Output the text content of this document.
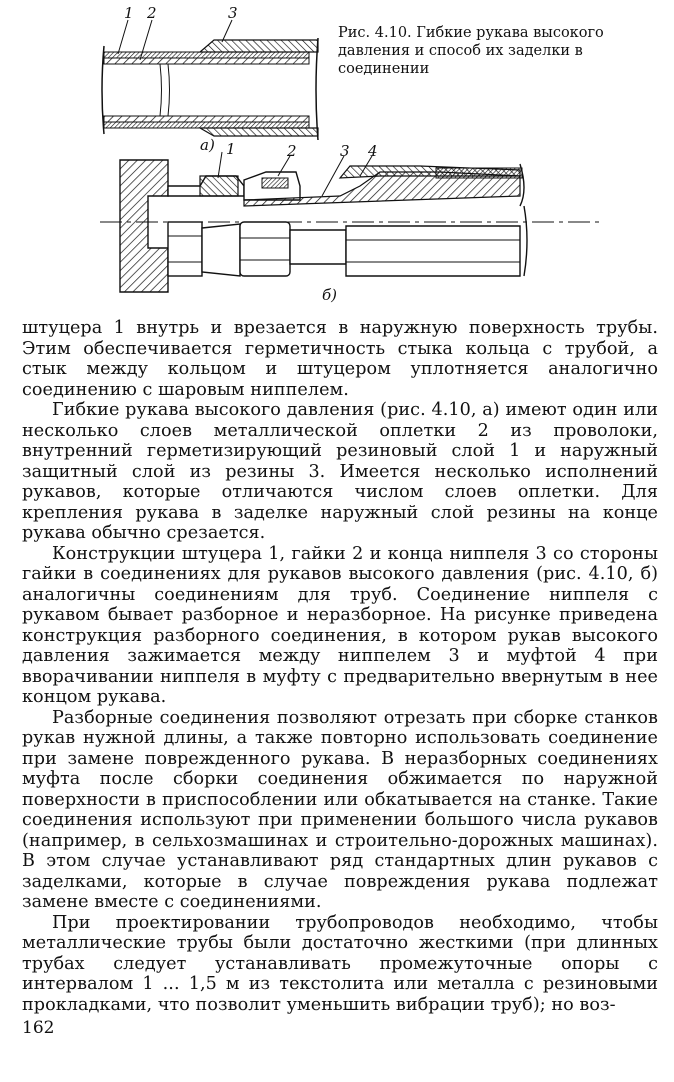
1 2	3
а) 1	2	3 4
б)
Рис. 4.10. Гибкие рукава высокого давления и способ их заделки в соединении

штуцера 1 внутрь и врезается в наружную поверхность трубы. Этим обеспечивается герметичность стыка кольца с трубой, а стык между кольцом и штуцером уплотняется аналогично соединению с шаровым ниппелем.

Гибкие рукава высокого давления (рис. 4.10, а) имеют один или несколько слоев металлической оплетки 2 из проволоки, внутренний герметизирующий резиновый слой 1 и наружный защитный слой из резины 3. Имеется несколько исполнений рукавов, которые отличаются числом слоев оплетки. Для крепления рукава в заделке наружный слой резины на конце рукава обычно срезается.

Конструкции штуцера 1, гайки 2 и конца ниппеля 3 со стороны гайки в соединениях для рукавов высокого давления (рис. 4.10, б) аналогичны соединениям для труб. Соединение ниппеля с рукавом бывает разборное и неразборное. На рисунке приведена конструкция разборного соединения, в котором рукав высокого давления зажимается между ниппелем 3 и муфтой 4 при вворачивании ниппеля в муфту с предварительно ввернутым в нее концом рукава.

Разборные соединения позволяют отрезать при сборке станков рукав нужной длины, а также повторно использовать соединение при замене поврежденного рукава. В неразборных соединениях муфта после сборки соединения обжимается по наружной поверхности в приспособлении или обкатывается на станке. Такие соединения используют при применении большого числа рукавов (например, в сельхозмашинах и строительно-дорожных машинах). В этом случае устанавливают ряд стандартных длин рукавов с заделками, которые в случае повреждения рукава подлежат замене вместе с соединениями.

При проектировании трубопроводов необходимо, чтобы металлические трубы были достаточно жесткими (при длинных трубах следует устанавливать промежуточные опоры с интервалом 1 ... 1,5 м из текстолита или металла с резиновыми прокладками, что позволит уменьшить вибрации труб); но воз-

162
